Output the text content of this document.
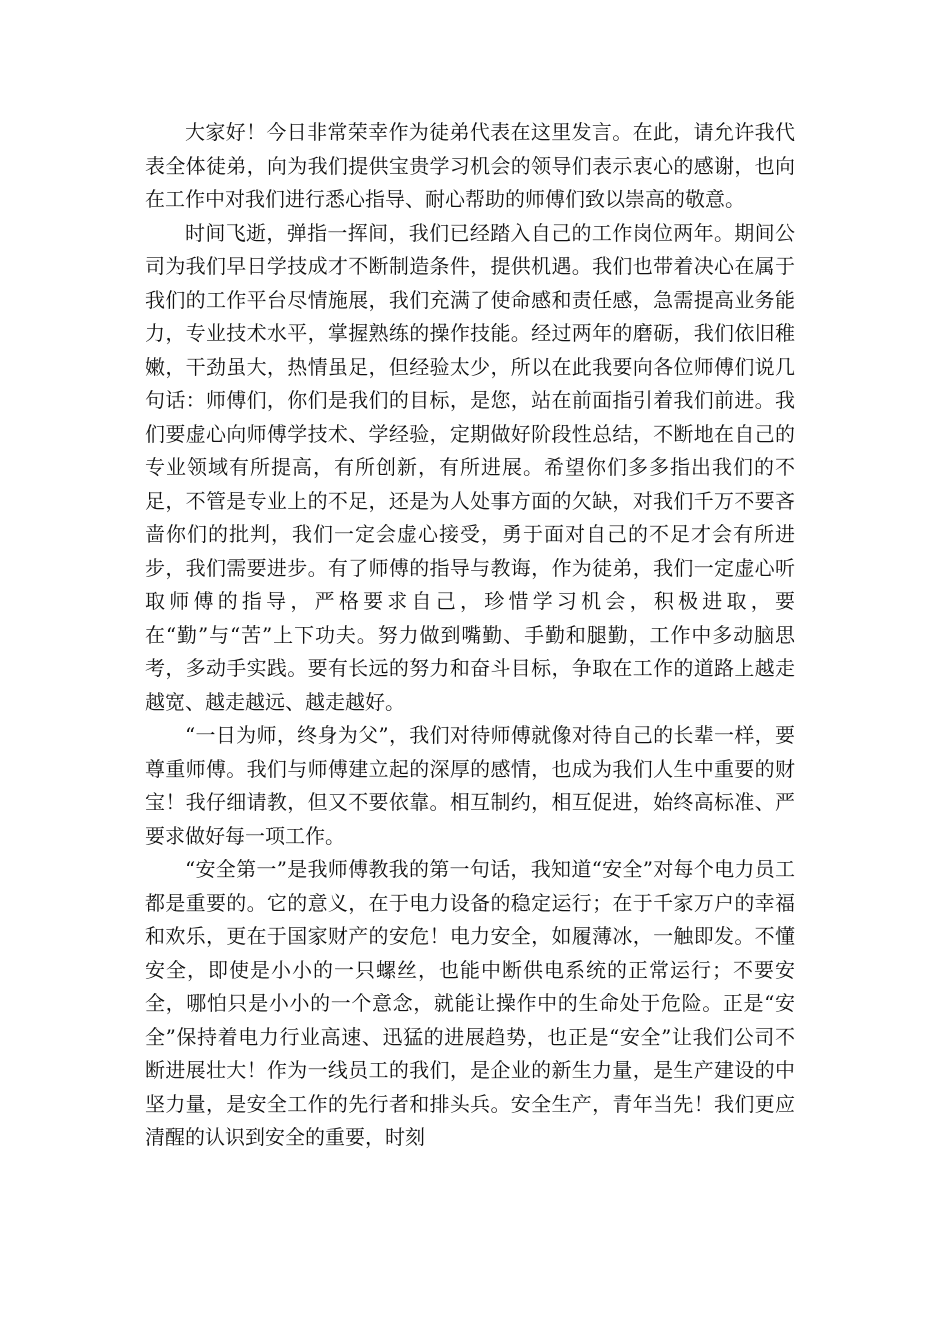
大家好！今日非常荣幸作为徒弟代表在这里发言。在此，请允许我代表全体徒弟，向为我们提供宝贵学习机会的领导们表示衷心的感谢，也向在工作中对我们进行悉心指导、耐心帮助的师傅们致以崇高的敬意。

时间飞逝，弹指一挥间，我们已经踏入自己的工作岗位两年。期间公司为我们早日学技成才不断制造条件，提供机遇。我们也带着决心在属于我们的工作平台尽情施展，我们充满了使命感和责任感，急需提高业务能力，专业技术水平，掌握熟练的操作技能。经过两年的磨砺，我们依旧稚嫩，干劲虽大，热情虽足，但经验太少，所以在此我要向各位师傅们说几句话：师傅们，你们是我们的目标，是您，站在前面指引着我们前进。我们要虚心向师傅学技术、学经验，定期做好阶段性总结，不断地在自己的专业领域有所提高，有所创新，有所进展。希望你们多多指出我们的不足，不管是专业上的不足，还是为人处事方面的欠缺，对我们千万不要吝啬你们的批判，我们一定会虚心接受，勇于面对自己的不足才会有所进步，我们需要进步。有了师傅的指导与教诲，作为徒弟，我们一定虚心听取师傅的指导，严格要求自己，珍惜学习机会，积极进取，要在“勤”与“苦”上下功夫。努力做到嘴勤、手勤和腿勤，工作中多动脑思考，多动手实践。要有长远的努力和奋斗目标，争取在工作的道路上越走越宽、越走越远、越走越好。

“一日为师，终身为父”，我们对待师傅就像对待自己的长辈一样，要尊重师傅。我们与师傅建立起的深厚的感情，也成为我们人生中重要的财宝！我仔细请教，但又不要依靠。相互制约，相互促进，始终高标准、严要求做好每一项工作。

“安全第一”是我师傅教我的第一句话，我知道“安全”对每个电力员工都是重要的。它的意义，在于电力设备的稳定运行；在于千家万户的幸福和欢乐，更在于国家财产的安危！电力安全，如履薄冰，一触即发。不懂安全，即使是小小的一只螺丝，也能中断供电系统的正常运行；不要安全，哪怕只是小小的一个意念，就能让操作中的生命处于危险。正是“安全”保持着电力行业高速、迅猛的进展趋势，也正是“安全”让我们公司不断进展壮大！作为一线员工的我们，是企业的新生力量，是生产建设的中坚力量，是安全工作的先行者和排头兵。安全生产，青年当先！我们更应清醒的认识到安全的重要，时刻
